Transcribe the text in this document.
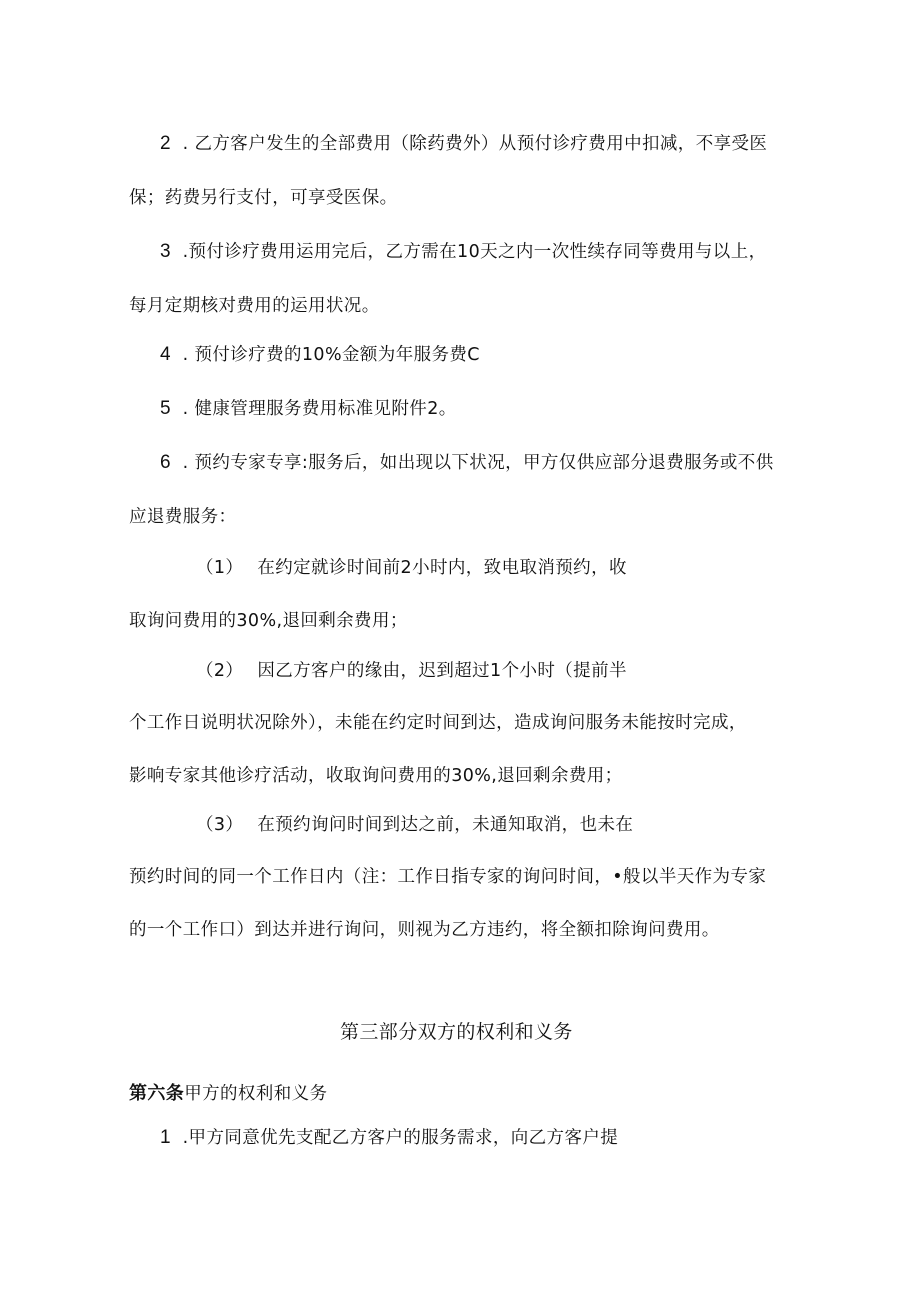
2 . 乙方客户发生的全部费用（除药费外）从预付诊疗费用中扣减，不享受医
保；药费另行支付，可享受医保。
3 .预付诊疗费用运用完后，乙方需在10天之内一次性续存同等费用与以上，
每月定期核对费用的运用状况。
4 . 预付诊疗费的10%金额为年服务费C
5 . 健康管理服务费用标准见附件2。
6 . 预约专家专享:服务后，如出现以下状况，甲方仅供应部分退费服务或不供
应退费服务：
（1） 在约定就诊时间前2小时内，致电取消预约，收
取询问费用的30%,退回剩余费用；
（2） 因乙方客户的缘由，迟到超过1个小时（提前半
个工作日说明状况除外），未能在约定时间到达，造成询问服务未能按时完成，
影响专家其他诊疗活动，收取询问费用的30%,退回剩余费用；
（3） 在预约询问时间到达之前，未通知取消，也未在
预约时间的同一个工作日内（注：工作日指专家的询问时间，•般以半天作为专家
的一个工作口）到达并进行询问，则视为乙方违约，将全额扣除询问费用。
第三部分双方的权利和义务
第六条甲方的权利和义务
1 .甲方同意优先支配乙方客户的服务需求，向乙方客户提
